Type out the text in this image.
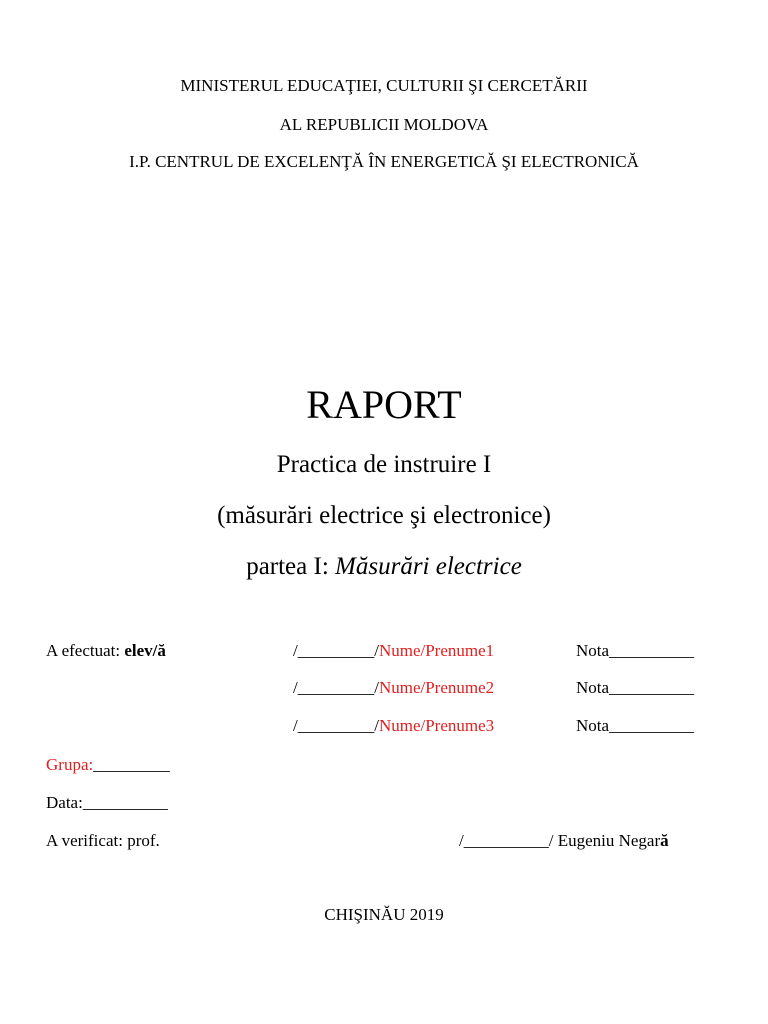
MINISTERUL EDUCAŢIEI, CULTURII ŞI CERCETĂRII
AL REPUBLICII MOLDOVA
I.P. CENTRUL DE EXCELENŢĂ ÎN ENERGETICĂ ŞI ELECTRONICĂ
RAPORT
Practica de instruire I
(măsurări electrice şi electronice)
partea I: Măsurări electrice
A efectuat: elev/ă	/_________/Nume/Prenume1	Nota__________
/_________/Nume/Prenume2	Nota__________
/_________/Nume/Prenume3	Nota__________
Grupa:_________
Data:__________
A verificat: prof.	/__________/ Eugeniu Negară
CHIŞINĂU 2019
